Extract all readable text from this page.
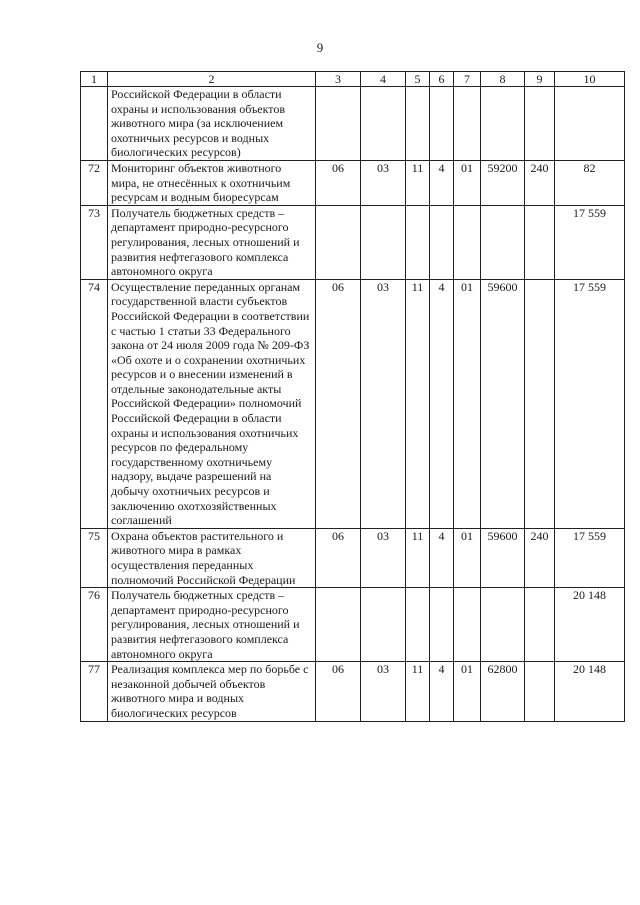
9
1	2	3	4	5	6	7	8	9	10
	Российской Федерации в области охраны и использования объектов животного мира (за исключением охотничьих ресурсов и водных биологических ресурсов)								
72	Мониторинг объектов животного мира, не отнесённых к охотничьим ресурсам и водным биоресурсам	06	03	11	4	01	59200	240	82
73	Получатель бюджетных средств – департамент природно-ресурсного регулирования, лесных отношений и развития нефтегазового комплекса автономного округа								17 559
74	Осуществление переданных органам государственной власти субъектов Российской Федерации в соответствии с частью 1 статьи 33 Федерального закона от 24 июля 2009 года № 209-ФЗ «Об охоте и о сохранении охотничьих ресурсов и о внесении изменений в отдельные законодательные акты Российской Федерации» полномочий Российской Федерации в области охраны и использования охотничьих ресурсов по федеральному государственному охотничьему надзору, выдаче разрешений на добычу охотничьих ресурсов и заключению охотхозяйственных соглашений	06	03	11	4	01	59600		17 559
75	Охрана объектов растительного и животного мира в рамках осуществления переданных полномочий Российской Федерации	06	03	11	4	01	59600	240	17 559
76	Получатель бюджетных средств – департамент природно-ресурсного регулирования, лесных отношений и развития нефтегазового комплекса автономного округа								20 148
77	Реализация комплекса мер по борьбе с незаконной добычей объектов животного мира и водных биологических ресурсов	06	03	11	4	01	62800		20 148
